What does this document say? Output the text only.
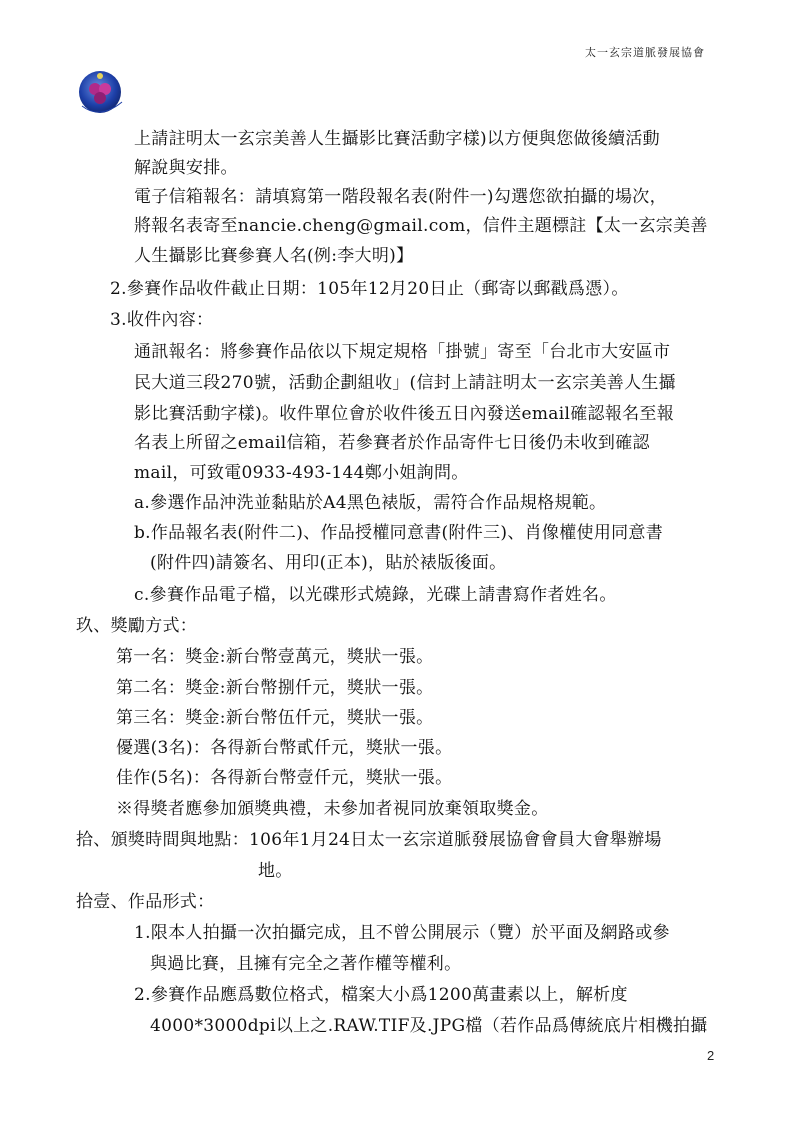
太一玄宗道脈發展協會
上請註明太一玄宗美善人生攝影比賽活動字樣)以方便與您做後續活動
解說與安排。
電子信箱報名：請填寫第一階段報名表(附件一)勾選您欲拍攝的場次，
將報名表寄至nancie.cheng@gmail.com，信件主題標註【太一玄宗美善
人生攝影比賽參賽人名(例:李大明)】
2.參賽作品收件截止日期：105年12月20日止（郵寄以郵戳爲憑）。
3.收件內容：
通訊報名：將參賽作品依以下規定規格「掛號」寄至「台北市大安區市
民大道三段270號，活動企劃組收」(信封上請註明太一玄宗美善人生攝
影比賽活動字樣)。收件單位會於收件後五日內發送email確認報名至報
名表上所留之email信箱，若參賽者於作品寄件七日後仍未收到確認
mail，可致電0933-493-144鄭小姐詢問。
a.參選作品沖洗並黏貼於A4黑色裱版，需符合作品規格規範。
b.作品報名表(附件二)、作品授權同意書(附件三)、肖像權使用同意書
(附件四)請簽名、用印(正本)，貼於裱版後面。
c.參賽作品電子檔，以光碟形式燒錄，光碟上請書寫作者姓名。
玖、獎勵方式：
第一名：獎金:新台幣壹萬元，獎狀一張。
第二名：獎金:新台幣捌仟元，獎狀一張。
第三名：獎金:新台幣伍仟元，獎狀一張。
優選(3名)：各得新台幣貳仟元，獎狀一張。
佳作(5名)：各得新台幣壹仟元，獎狀一張。
※得獎者應參加頒獎典禮，未參加者視同放棄領取獎金。
拾、頒獎時間與地點：106年1月24日太一玄宗道脈發展協會會員大會舉辦場
地。
拾壹、作品形式：
1.限本人拍攝一次拍攝完成，且不曾公開展示（覽）於平面及網路或參
與過比賽，且擁有完全之著作權等權利。
2.參賽作品應爲數位格式，檔案大小爲1200萬畫素以上，解析度
4000*3000dpi以上之.RAW.TIF及.JPG檔（若作品爲傳統底片相機拍攝
2
